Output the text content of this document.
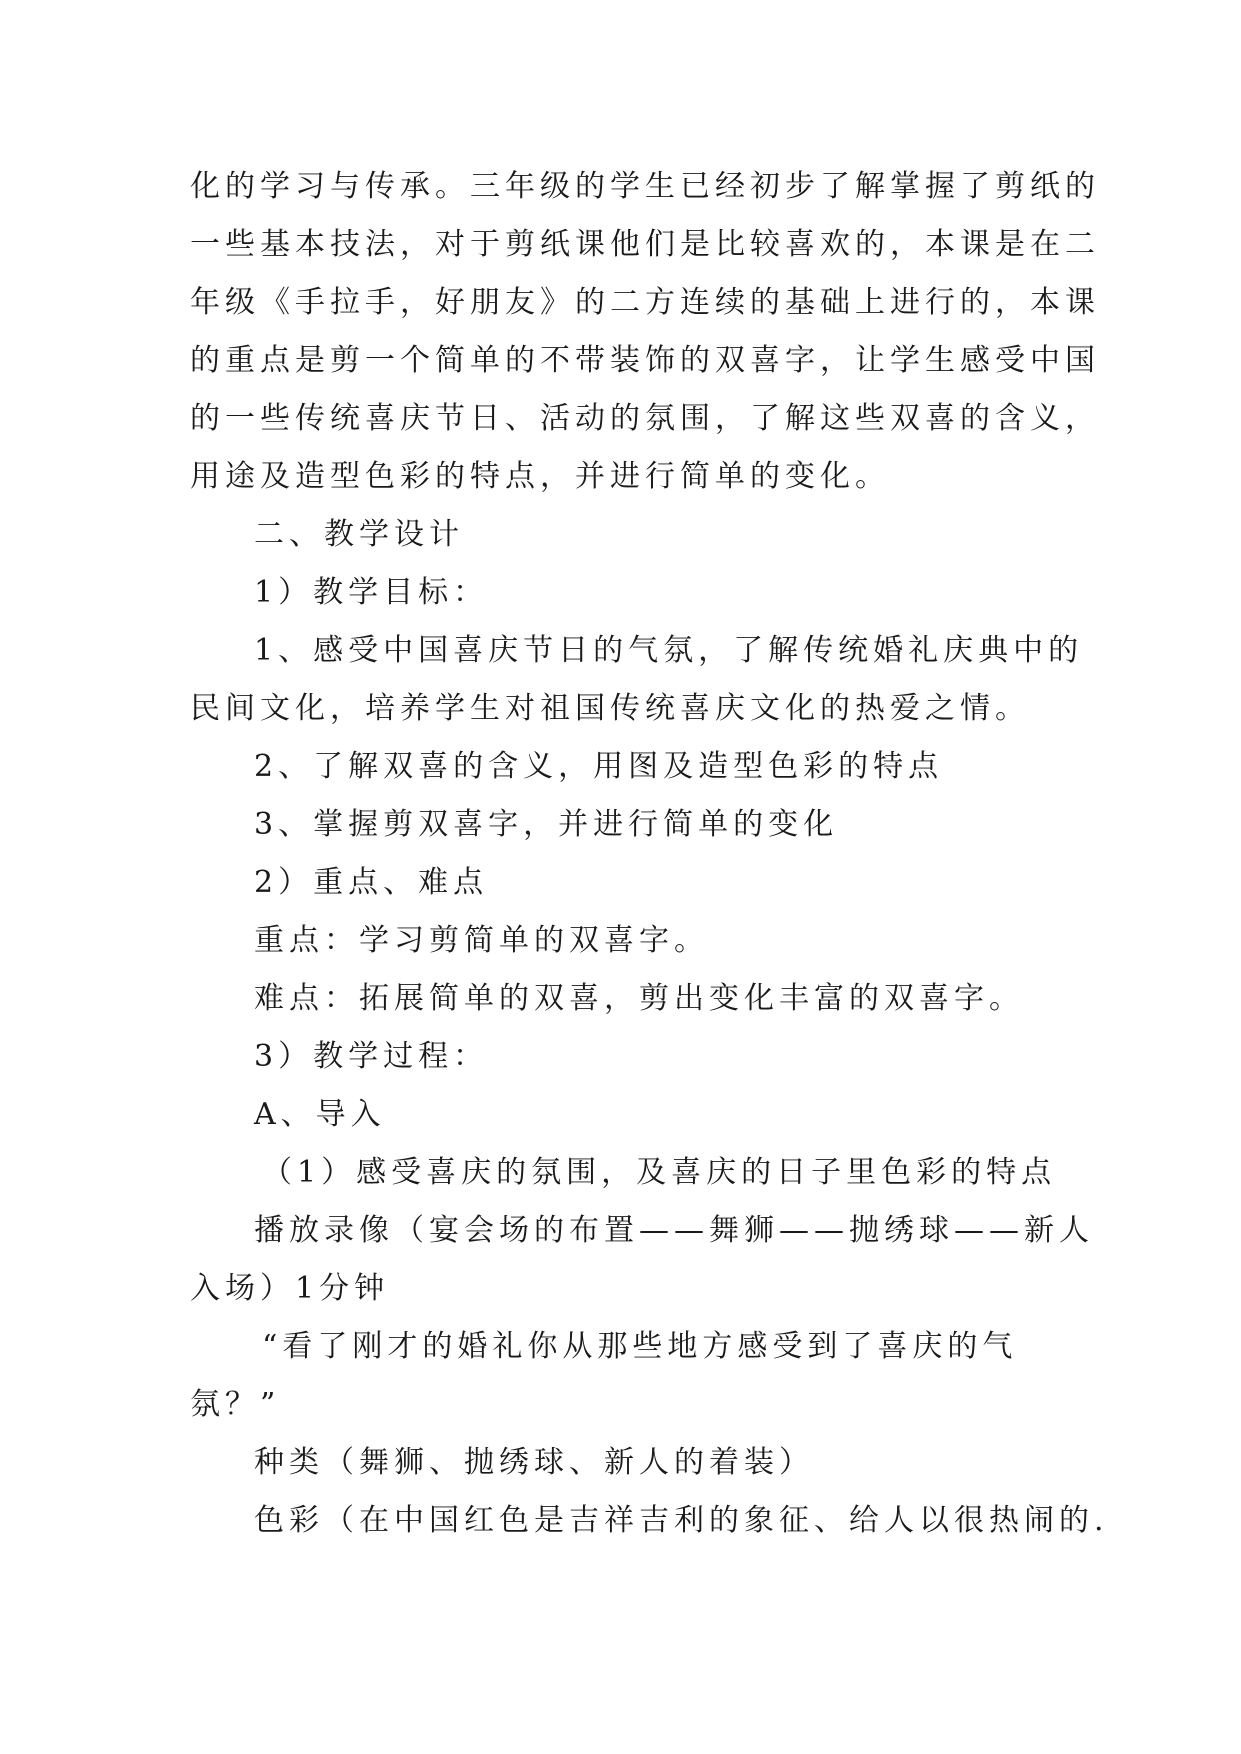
化的学习与传承。三年级的学生已经初步了解掌握了剪纸的
一些基本技法，对于剪纸课他们是比较喜欢的，本课是在二
年级《手拉手，好朋友》的二方连续的基础上进行的，本课
的重点是剪一个简单的不带装饰的双喜字，让学生感受中国
的一些传统喜庆节日、活动的氛围，了解这些双喜的含义，
用途及造型色彩的特点，并进行简单的变化。
二、教学设计
1）教学目标：
1、感受中国喜庆节日的气氛，了解传统婚礼庆典中的
民间文化，培养学生对祖国传统喜庆文化的热爱之情。
2、了解双喜的含义，用图及造型色彩的特点
3、掌握剪双喜字，并进行简单的变化
2）重点、难点
重点：学习剪简单的双喜字。
难点：拓展简单的双喜，剪出变化丰富的双喜字。
3）教学过程：
A、导入
（1）感受喜庆的氛围，及喜庆的日子里色彩的特点
播放录像（宴会场的布置——舞狮——抛绣球——新人
入场）1分钟
“看了刚才的婚礼你从那些地方感受到了喜庆的气
氛？”
种类（舞狮、抛绣球、新人的着装）
色彩（在中国红色是吉祥吉利的象征、给人以很热闹的.
